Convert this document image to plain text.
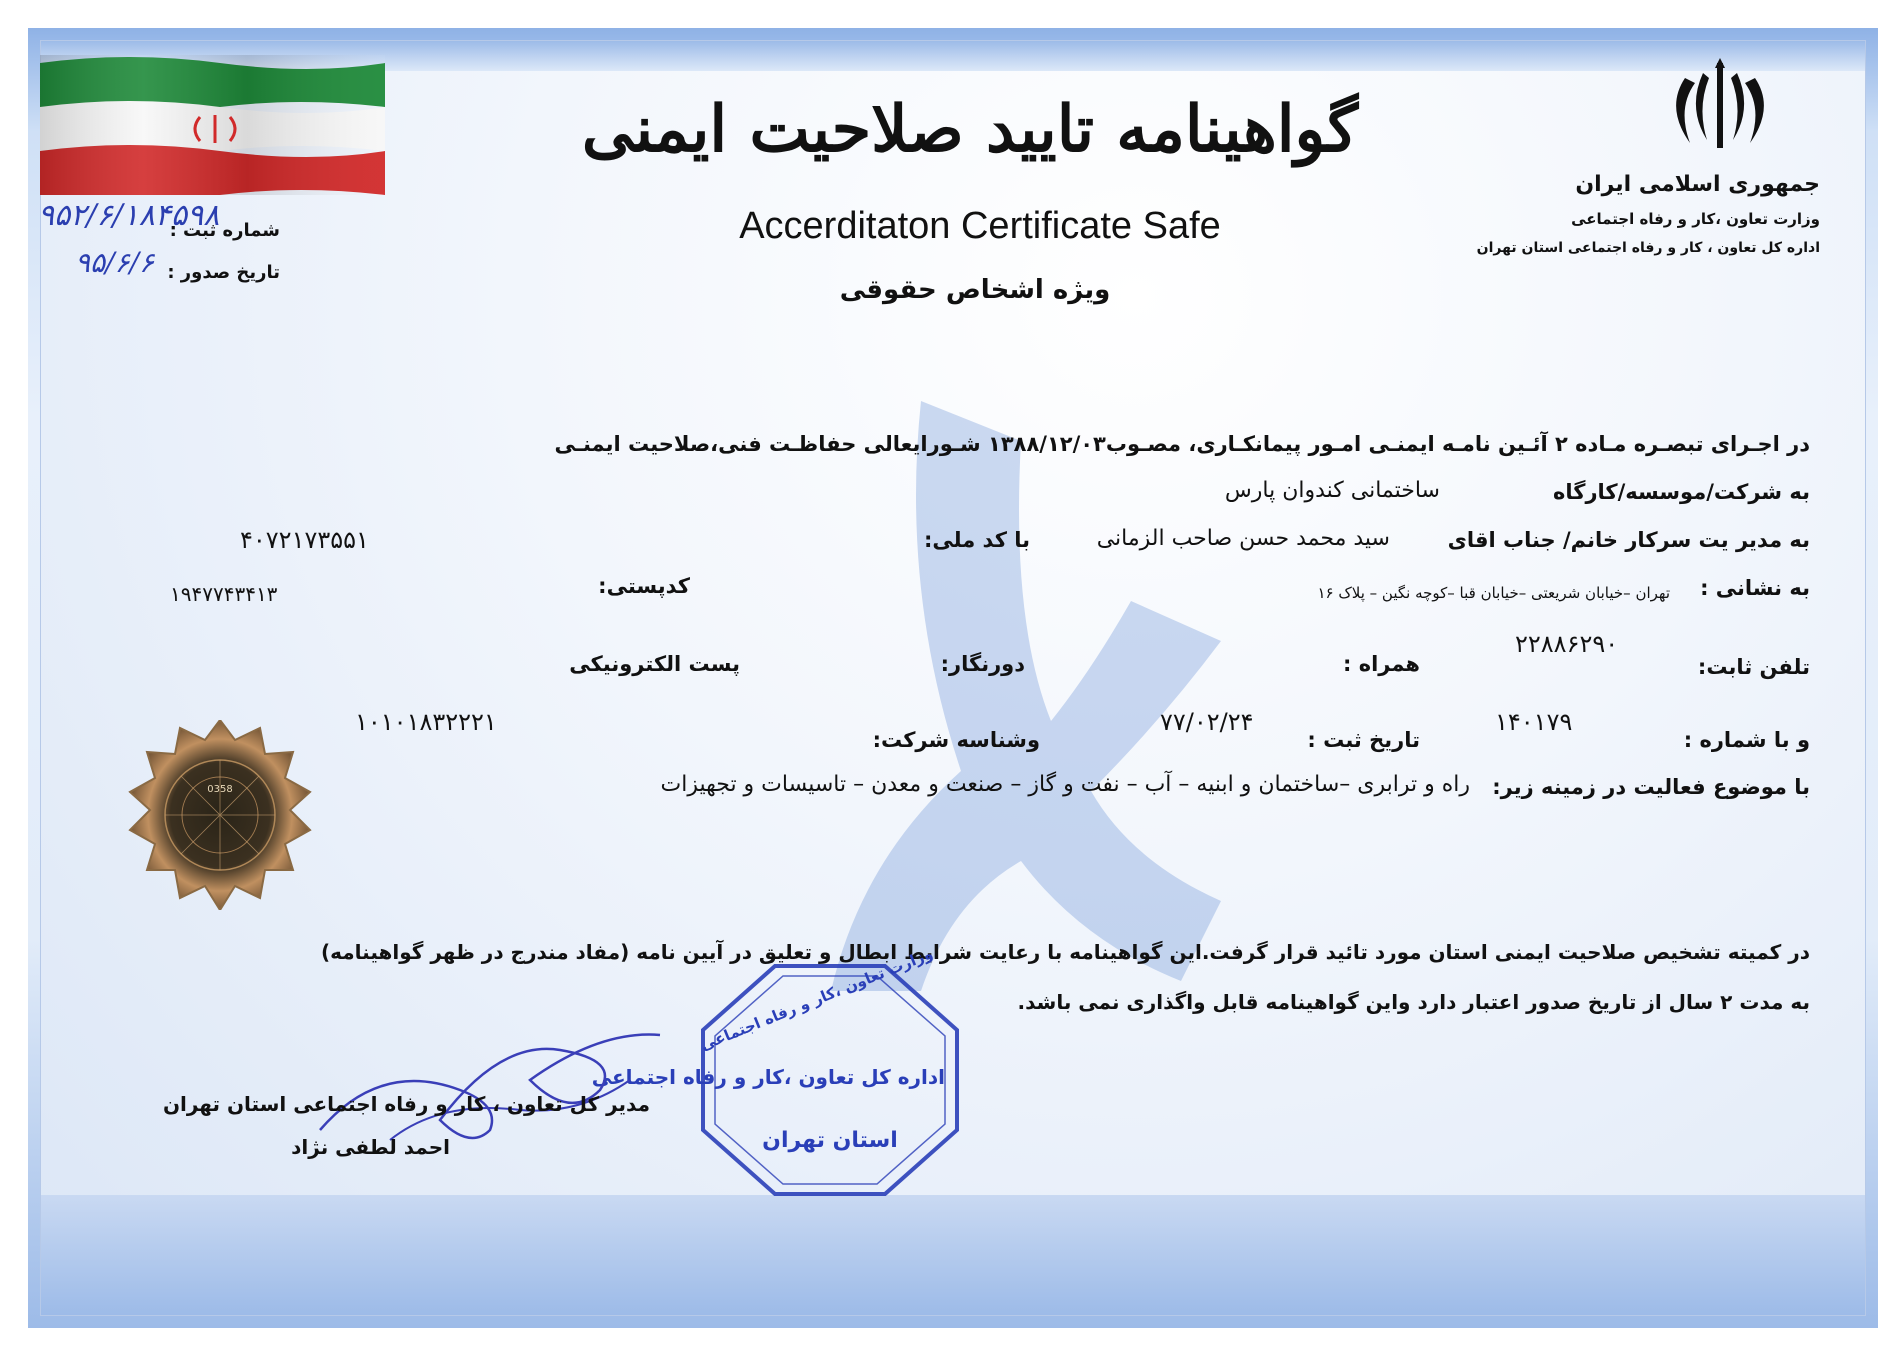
جمهوری اسلامی ایران
وزارت تعاون ،کار و رفاه اجتماعی
اداره کل تعاون ، کار و رفاه اجتماعی استان تهران
گواهینامه تایید صلاحیت ایمنی
Accerditaton Certificate Safe
ویژه اشخاص حقوقی
شماره ثبت :
۹۵۲/۶/۱۸۴۵۹۸
تاریخ صدور :
۹۵/۶/۶
در اجـرای تبصـره مـاده ۲ آئـین نامـه ایمنـی امـور پیمانکـاری، مصـوب۱۳۸۸/۱۲/۰۳ شـورایعالی حفاظـت فنی،صلاحیت ایمنـی
به شرکت/موسسه/کارگاه
ساختمانی کندوان پارس
به مدیر یت سرکار خانم/ جناب اقای
سید محمد حسن صاحب الزمانی
با کد ملی:
۴۰۷۲۱۷۳۵۵۱
به نشانی :
تهران –خیابان شریعتی –خیابان قبا –کوچه نگین – پلاک ۱۶
کدپستی:
۱۹۴۷۷۴۳۴۱۳
۲۲۸۸۶۲۹۰
تلفن ثابت:
همراه :
دورنگار:
پست الکترونیکی
۱۰۱۰۱۸۳۲۲۲۱	۷۷/۰۲/۲۴	۱۴۰۱۷۹
و با شماره :
تاریخ ثبت :
وشناسه شرکت:
با موضوع فعالیت در زمینه زیر:
راه و ترابری –ساختمان و ابنیه – آب – نفت و گاز – صنعت و معدن – تاسیسات و تجهیزات
در کمیته تشخیص صلاحیت ایمنی استان مورد تائید قرار گرفت.این گواهینامه با رعایت شرایط ابطال و تعلیق در آیین نامه (مفاد مندرج در ظهر گواهینامه)
به مدت ۲ سال از تاریخ صدور اعتبار دارد واین گواهینامه قابل واگذاری نمی باشد.
0358
وزارت تعاون ،کار و رفاه اجتماعی
اداره کل تعاون ،کار و رفاه اجتماعی
استان تهران
مدیر کل تعاون ، کار و رفاه اجتماعی استان تهران
احمد لطفی نژاد
